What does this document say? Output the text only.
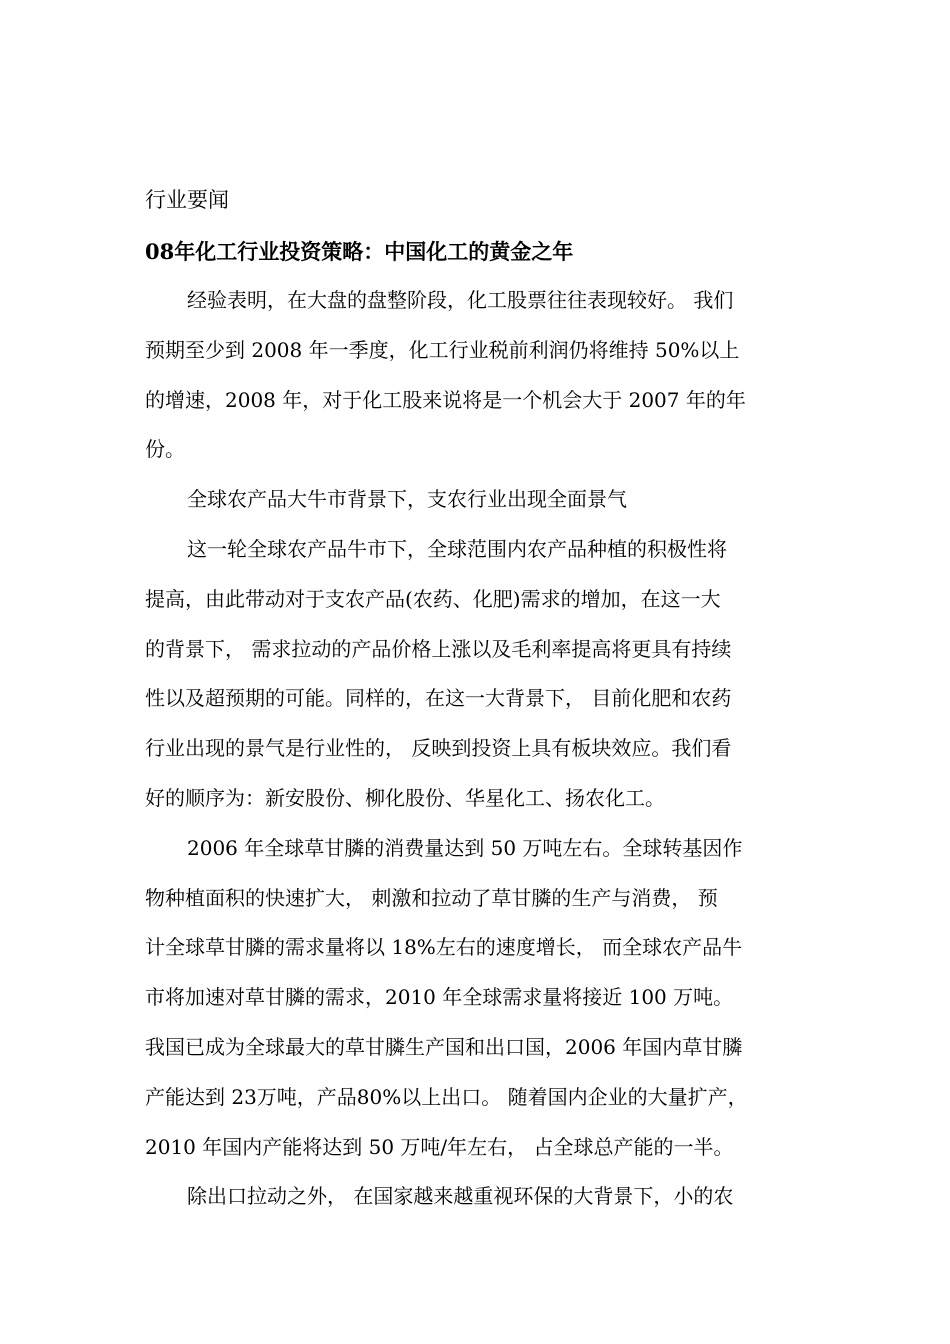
行业要闻
08年化工行业投资策略：中国化工的黄金之年
经验表明，在大盘的盘整阶段，化工股票往往表现较好。 我们
预期至少到 2008 年一季度，化工行业税前利润仍将维持 50%以上
的增速，2008 年，对于化工股来说将是一个机会大于 2007 年的年
份。
全球农产品大牛市背景下，支农行业出现全面景气
这一轮全球农产品牛市下，全球范围内农产品种植的积极性将
提高，由此带动对于支农产品(农药、化肥)需求的增加，在这一大
的背景下， 需求拉动的产品价格上涨以及毛利率提高将更具有持续
性以及超预期的可能。同样的，在这一大背景下， 目前化肥和农药
行业出现的景气是行业性的， 反映到投资上具有板块效应。我们看
好的顺序为：新安股份、柳化股份、华星化工、扬农化工。
2006 年全球草甘膦的消费量达到 50 万吨左右。全球转基因作
物种植面积的快速扩大， 刺激和拉动了草甘膦的生产与消费， 预
计全球草甘膦的需求量将以 18%左右的速度增长， 而全球农产品牛
市将加速对草甘膦的需求，2010 年全球需求量将接近 100 万吨。
我国已成为全球最大的草甘膦生产国和出口国，2006 年国内草甘膦
产能达到 23万吨，产品80%以上出口。 随着国内企业的大量扩产，
2010 年国内产能将达到 50 万吨/年左右， 占全球总产能的一半。
除出口拉动之外， 在国家越来越重视环保的大背景下，小的农
